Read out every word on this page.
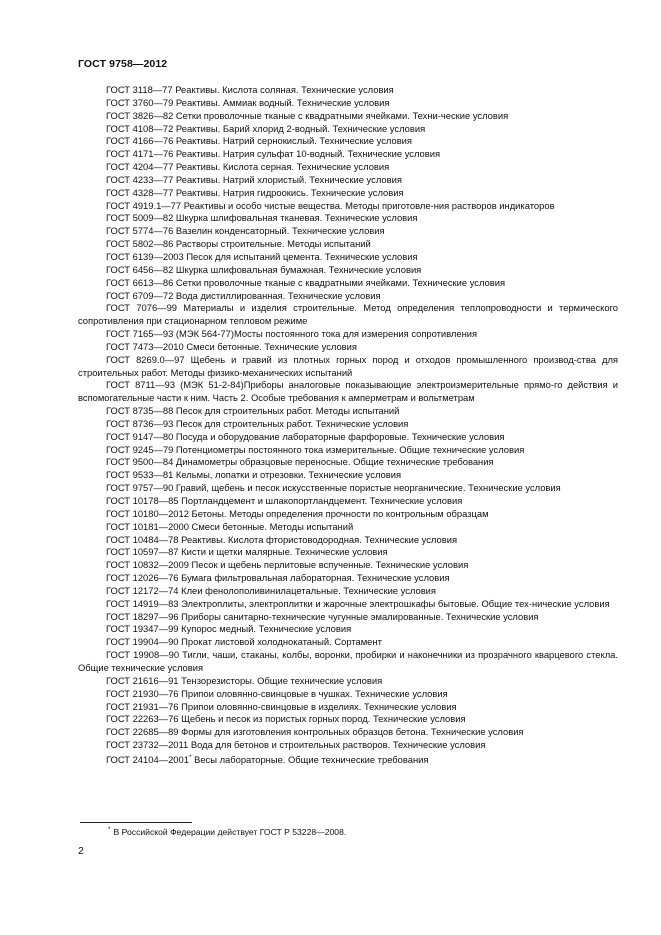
ГОСТ 9758—2012
ГОСТ 3118—77 Реактивы. Кислота соляная. Технические условия
ГОСТ 3760—79 Реактивы. Аммиак водный. Технические условия
ГОСТ 3826—82 Сетки проволочные тканые с квадратными ячейками. Техни-ческие условия
ГОСТ 4108—72 Реактивы. Барий хлорид 2-водный. Технические условия
ГОСТ 4166—76 Реактивы. Натрий сернокислый. Технические условия
ГОСТ 4171—76 Реактивы. Натрия сульфат 10-водный. Технические условия
ГОСТ 4204—77 Реактивы. Кислота серная. Технические условия
ГОСТ 4233—77 Реактивы. Натрий хлористый. Технические условия
ГОСТ 4328—77 Реактивы. Натрия гидроокись. Технические условия
ГОСТ 4919.1—77 Реактивы и особо чистые вещества. Методы приготовле-ния растворов индикаторов
ГОСТ 5009—82 Шкурка шлифовальная тканевая. Технические условия
ГОСТ 5774—76 Вазелин конденсаторный. Технические условия
ГОСТ 5802—86 Растворы строительные. Методы испытаний
ГОСТ 6139—2003 Песок для испытаний цемента. Технические условия
ГОСТ 6456—82 Шкурка шлифовальная бумажная. Технические условия
ГОСТ 6613—86 Сетки проволочные тканые с квадратными ячейками. Технические условия
ГОСТ 6709—72 Вода дистиллированная. Технические условия
ГОСТ 7076—99 Материалы и изделия строительные. Метод определения теплопроводности и термического сопротивления при стационарном тепловом режиме
ГОСТ 7165—93 (МЭК 564-77)Мосты постоянного тока для измерения сопротивления
ГОСТ 7473—2010 Смеси бетонные. Технические условия
ГОСТ 8269.0—97 Щебень и гравий из плотных горных пород и отходов промышленного производ-ства для строительных работ. Методы физико-механических испытаний
ГОСТ 8711—93 (МЭК 51-2-84)Приборы аналоговые показывающие электроизмерительные прямо-го действия и вспомогательные части к ним. Часть 2. Особые требования к амперметрам и вольтметрам
ГОСТ 8735—88 Песок для строительных работ. Методы испытаний
ГОСТ 8736—93 Песок для строительных работ. Технические условия
ГОСТ 9147—80 Посуда и оборудование лабораторные фарфоровые. Технические условия
ГОСТ 9245—79 Потенциометры постоянного тока измерительные. Общие технические условия
ГОСТ 9500—84 Динамометры образцовые переносные. Общие технические требования
ГОСТ 9533—81 Кельмы, лопатки и отрезовки. Технические условия
ГОСТ 9757—90 Гравий, щебень и песок искусственные пористые неорганические. Технические условия
ГОСТ 10178—85 Портландцемент и шлакопортландцемент. Технические условия
ГОСТ 10180—2012 Бетоны. Методы определения прочности по контрольным образцам
ГОСТ 10181—2000 Смеси бетонные. Методы испытаний
ГОСТ 10484—78 Реактивы. Кислота фтористоводородная. Технические условия
ГОСТ 10597—87 Кисти и щетки малярные. Технические условия
ГОСТ 10832—2009 Песок и щебень перлитовые вспученные. Технические условия
ГОСТ 12026—76 Бумага фильтровальная лабораторная. Технические условия
ГОСТ 12172—74 Клеи фенолополивинилацетальные. Технические условия
ГОСТ 14919—83 Электроплиты, электроплитки и жарочные электрошкафы бытовые. Общие тех-нические условия
ГОСТ 18297—96 Приборы санитарно-технические чугунные эмалированные. Технические условия
ГОСТ 19347—99 Купорос медный. Технические условия
ГОСТ 19904—90 Прокат листовой холоднокатаный. Сортамент
ГОСТ 19908—90 Тигли, чаши, стаканы, колбы, воронки, пробирки и наконечники из прозрачного кварцевого стекла. Общие технические условия
ГОСТ 21616—91 Тензорезисторы. Общие технические условия
ГОСТ 21930—76 Припои оловянно-свинцовые в чушках. Технические условия
ГОСТ 21931—76 Припои оловянно-свинцовые в изделиях. Технические условия
ГОСТ 22263—76 Щебень и песок из пористых горных пород. Технические условия
ГОСТ 22685—89 Формы для изготовления контрольных образцов бетона. Технические условия
ГОСТ 23732—2011 Вода для бетонов и строительных растворов. Технические условия
ГОСТ 24104—2001* Весы лабораторные. Общие технические требования
* В Российской Федерации действует ГОСТ Р 53228—2008.
2
